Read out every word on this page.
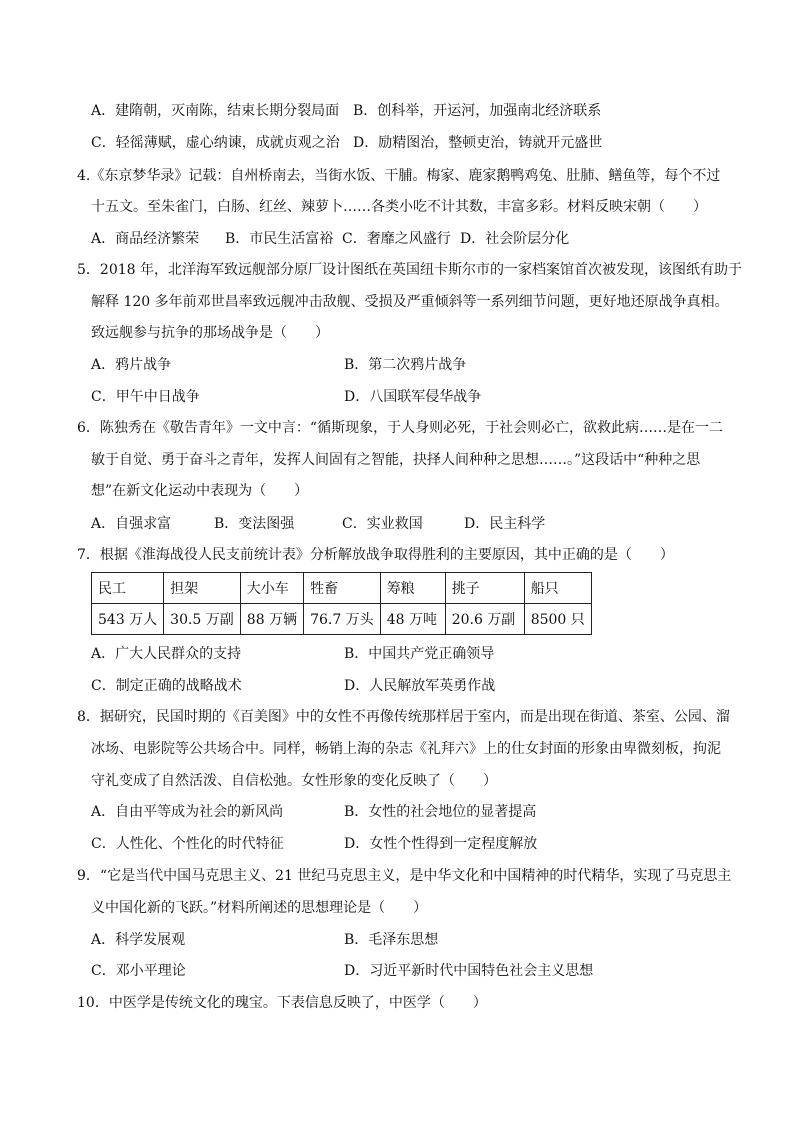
A．建隋朝，灭南陈，结束长期分裂局面 B．创科举，开运河，加强南北经济联系
C．轻徭薄赋，虚心纳谏，成就贞观之治 D．励精图治，整顿吏治，铸就开元盛世
4.《东京梦华录》记载：自州桥南去，当街水饭、干脯。梅家、鹿家鹅鸭鸡兔、肚肺、鳝鱼等，每个不过
十五文。至朱雀门，白肠、红丝、辣萝卜……各类小吃不计其数，丰富多彩。材料反映宋朝（　　）
A．商品经济繁荣 B．市民生活富裕 C．奢靡之风盛行 D．社会阶层分化
5．2018 年，北洋海军致远舰部分原厂设计图纸在英国纽卡斯尔市的一家档案馆首次被发现，该图纸有助于
解释 120 多年前邓世昌率致远舰冲击敌舰、受损及严重倾斜等一系列细节问题，更好地还原战争真相。
致远舰参与抗争的那场战争是（　　）
A．鸦片战争	B．第二次鸦片战争
C．甲午中日战争	D．八国联军侵华战争
6．陈独秀在《敬告青年》一文中言：“循斯现象，于人身则必死，于社会则必亡，欲救此病……是在一二
敏于自觉、勇于奋斗之青年，发挥人间固有之智能，抉择人间种种之思想……。”这段话中“种种之思
想”在新文化运动中表现为（　　）
A．自强求富	B．变法图强	C．实业救国	D．民主科学
7．根据《淮海战役人民支前统计表》分析解放战争取得胜利的主要原因，其中正确的是（　　）
民工	担架	大小车	牲畜	筹粮	挑子	船只
543 万人	30.5 万副	88 万辆	76.7 万头	48 万吨	20.6 万副	8500 只
A．广大人民群众的支持	B．中国共产党正确领导
C．制定正确的战略战术	D．人民解放军英勇作战
8．据研究，民国时期的《百美图》中的女性不再像传统那样居于室内，而是出现在街道、茶室、公园、溜
冰场、电影院等公共场合中。同样，畅销上海的杂志《礼拜六》上的仕女封面的形象由卑微刻板，拘泥
守礼变成了自然活泼、自信松弛。女性形象的变化反映了（　　）
A．自由平等成为社会的新风尚	B．女性的社会地位的显著提高
C．人性化、个性化的时代特征	D．女性个性得到一定程度解放
9．“它是当代中国马克思主义、21 世纪马克思主义，是中华文化和中国精神的时代精华，实现了马克思主
义中国化新的飞跃。”材料所阐述的思想理论是（　　）
A．科学发展观	B．毛泽东思想
C．邓小平理论	D．习近平新时代中国特色社会主义思想
10．中医学是传统文化的瑰宝。下表信息反映了，中医学（　　）
